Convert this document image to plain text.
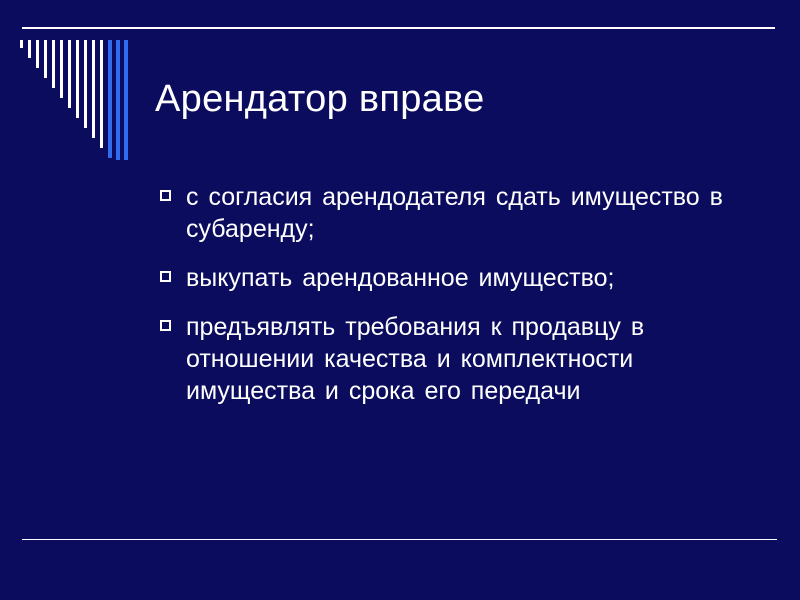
Арендатор вправе
с согласия арендодателя сдать имущество в субаренду;
выкупать арендованное имущество;
предъявлять требования к продавцу в отношении качества и комплектности имущества и срока его передачи
